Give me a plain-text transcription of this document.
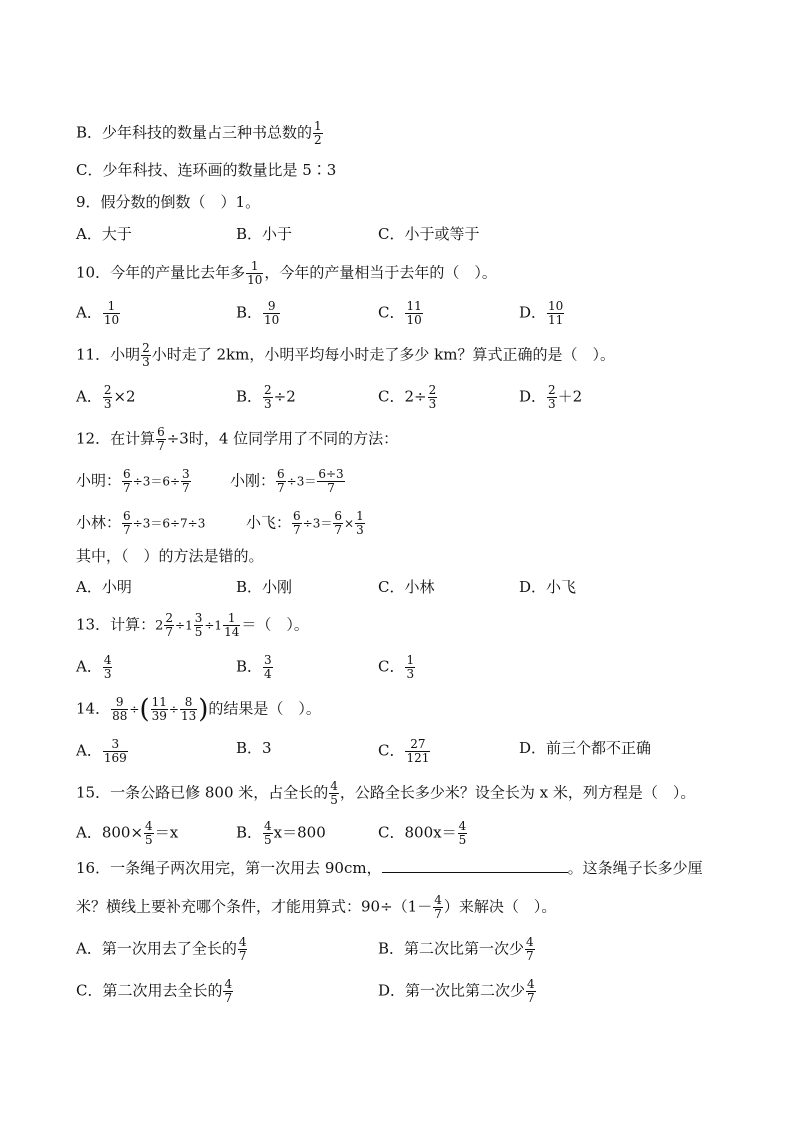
B．少年科技的数量占三种书总数的 $\frac{1}{2}$
C．少年科技、连环画的数量比是 5∶3
9．假分数的倒数（　）1。
A．大于	B．小于	C．小于或等于
10．今年的产量比去年多 $\frac{1}{10}$ ，今年的产量相当于去年的（　）。
A． $\frac{1}{10}$	B． $\frac{9}{10}$	C． $\frac{11}{10}$	D． $\frac{10}{11}$
11．小明 $\frac{2}{3}$ 小时走了 2km，小明平均每小时走了多少 km？算式正确的是（　）。
A． $\frac{2}{3} \times 2$	B． $\frac{2}{3} \div 2$	C．$2\div \frac{2}{3}$	D． $\frac{2}{3} +2$
12．在计算 $\frac{6}{7} \div 3$时，4 位同学用了不同的方法：
小明： $\frac{6}{7} \div 3=6\div \frac{3}{7}$	小刚： $\frac{6}{7} \div 3= \frac{6\div 3}{7}$
小林： $\frac{6}{7} \div 3=6\div 7\div 3$	小飞： $\frac{6}{7} \div 3= \frac{6}{7} \times \frac{1}{3}$
其中，（　）的方法是错的。
A．小明	B．小刚	C．小林	D．小飞
13．计算：$2 \frac{2}{7} \div 1 \frac{3}{5} \div 1 \frac{1}{14}$ ＝（　）。
A． $\frac{4}{3}$	B． $\frac{3}{4}$	C． $\frac{1}{3}$
14． $\frac{9}{88}$ ÷( $\frac{11}{39} \div \frac{8}{13}$ )的结果是（　）。
A． $\frac{3}{169}$	B．3	C． $\frac{27}{121}$	D．前三个都不正确
15．一条公路已修 800 米，占全长的 $\frac{4}{5}$ ，公路全长多少米？设全长为 x 米，列方程是（　）。
A．$800\times \frac{4}{5} =x$	B． $\frac{4}{5} x=800$	C．$800x= \frac{4}{5}$
16．一条绳子两次用完，第一次用去 90cm，	。这条绳子长多少厘
米？横线上要补充哪个条件，才能用算式：$90\div(1- \frac{4}{7}$ ）来解决（　）。
A．第一次用去了全长的 $\frac{4}{7}$	B．第二次比第一次少 $\frac{4}{7}$
C．第二次用去全长的 $\frac{4}{7}$	D．第一次比第二次少 $\frac{4}{7}$
